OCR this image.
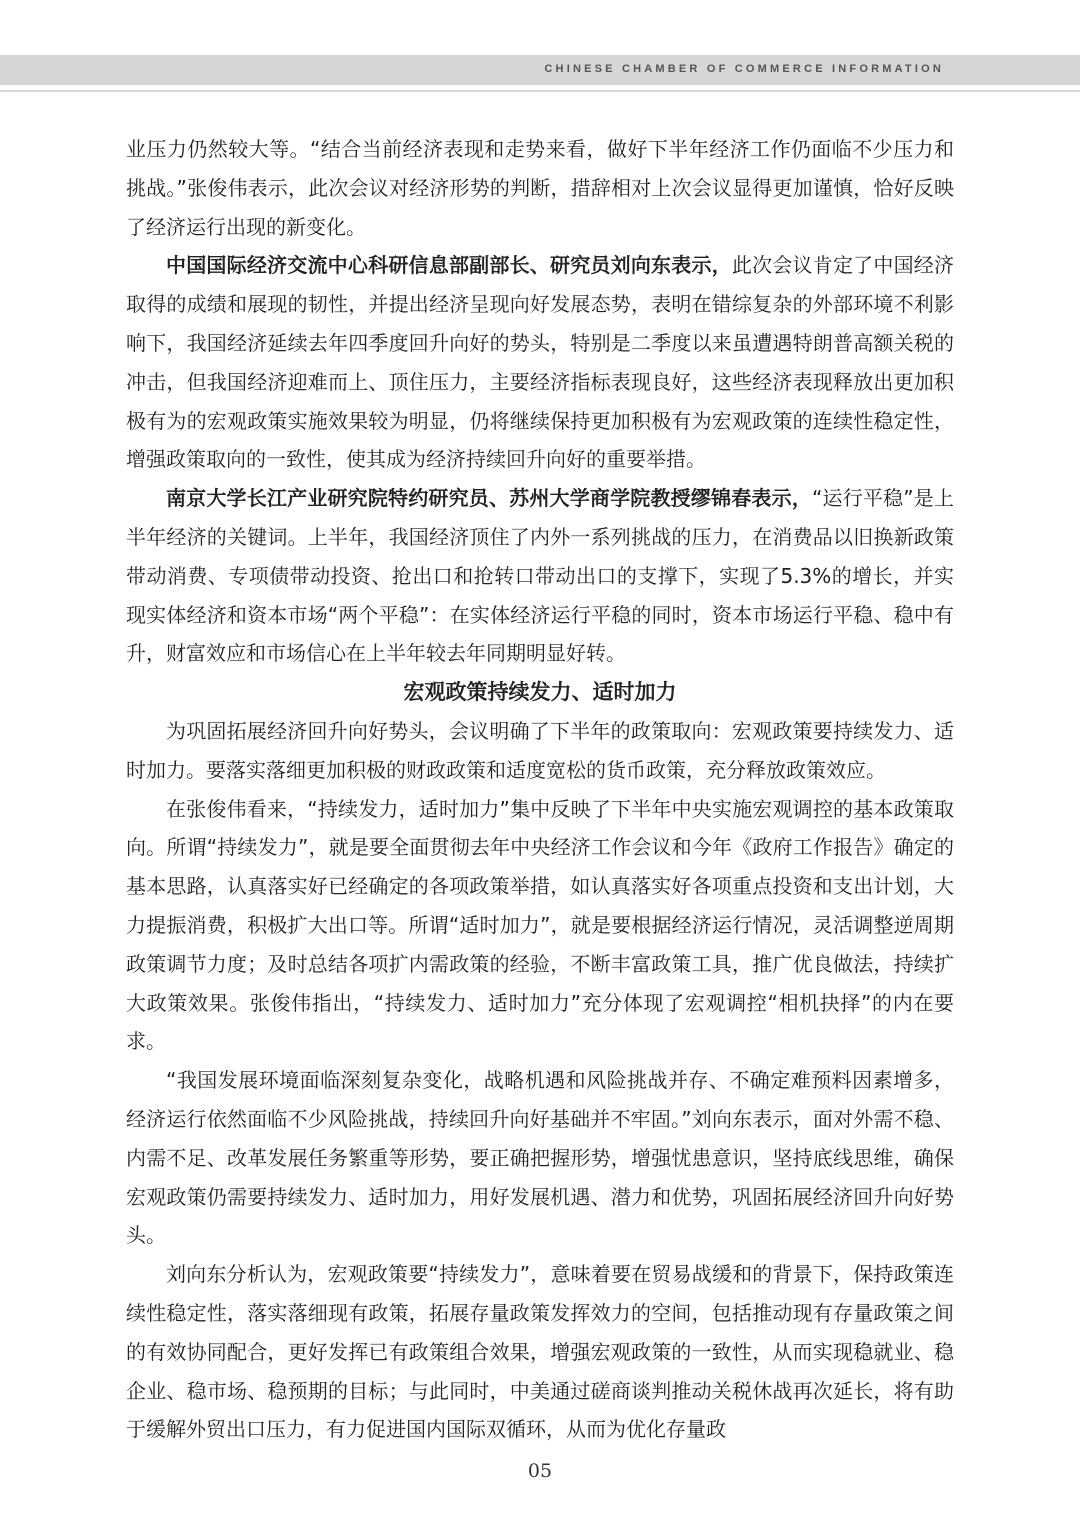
CHINESE CHAMBER OF COMMERCE INFORMATION

业压力仍然较大等。“结合当前经济表现和走势来看，做好下半年经济工作仍面临不少压力和挑战。”张俊伟表示，此次会议对经济形势的判断，措辞相对上次会议显得更加谨慎，恰好反映了经济运行出现的新变化。

中国国际经济交流中心科研信息部副部长、研究员刘向东表示，此次会议肯定了中国经济取得的成绩和展现的韧性，并提出经济呈现向好发展态势，表明在错综复杂的外部环境不利影响下，我国经济延续去年四季度回升向好的势头，特别是二季度以来虽遭遇特朗普高额关税的冲击，但我国经济迎难而上、顶住压力，主要经济指标表现良好，这些经济表现释放出更加积极有为的宏观政策实施效果较为明显，仍将继续保持更加积极有为宏观政策的连续性稳定性，增强政策取向的一致性，使其成为经济持续回升向好的重要举措。

南京大学长江产业研究院特约研究员、苏州大学商学院教授缪锦春表示，“运行平稳”是上半年经济的关键词。上半年，我国经济顶住了内外一系列挑战的压力，在消费品以旧换新政策带动消费、专项债带动投资、抢出口和抢转口带动出口的支撑下，实现了5.3%的增长，并实现实体经济和资本市场“两个平稳”：在实体经济运行平稳的同时，资本市场运行平稳、稳中有升，财富效应和市场信心在上半年较去年同期明显好转。

宏观政策持续发力、适时加力

为巩固拓展经济回升向好势头，会议明确了下半年的政策取向：宏观政策要持续发力、适时加力。要落实落细更加积极的财政政策和适度宽松的货币政策，充分释放政策效应。

在张俊伟看来，“持续发力，适时加力”集中反映了下半年中央实施宏观调控的基本政策取向。所谓“持续发力”，就是要全面贯彻去年中央经济工作会议和今年《政府工作报告》确定的基本思路，认真落实好已经确定的各项政策举措，如认真落实好各项重点投资和支出计划，大力提振消费，积极扩大出口等。所谓“适时加力”，就是要根据经济运行情况，灵活调整逆周期政策调节力度；及时总结各项扩内需政策的经验，不断丰富政策工具，推广优良做法，持续扩大政策效果。张俊伟指出，“持续发力、适时加力”充分体现了宏观调控“相机抉择”的内在要求。

“我国发展环境面临深刻复杂变化，战略机遇和风险挑战并存、不确定难预料因素增多，经济运行依然面临不少风险挑战，持续回升向好基础并不牢固。”刘向东表示，面对外需不稳、内需不足、改革发展任务繁重等形势，要正确把握形势，增强忧患意识，坚持底线思维，确保宏观政策仍需要持续发力、适时加力，用好发展机遇、潜力和优势，巩固拓展经济回升向好势头。

刘向东分析认为，宏观政策要“持续发力”，意味着要在贸易战缓和的背景下，保持政策连续性稳定性，落实落细现有政策，拓展存量政策发挥效力的空间，包括推动现有存量政策之间的有效协同配合，更好发挥已有政策组合效果，增强宏观政策的一致性，从而实现稳就业、稳企业、稳市场、稳预期的目标；与此同时，中美通过磋商谈判推动关税休战再次延长，将有助于缓解外贸出口压力，有力促进国内国际双循环，从而为优化存量政

05
